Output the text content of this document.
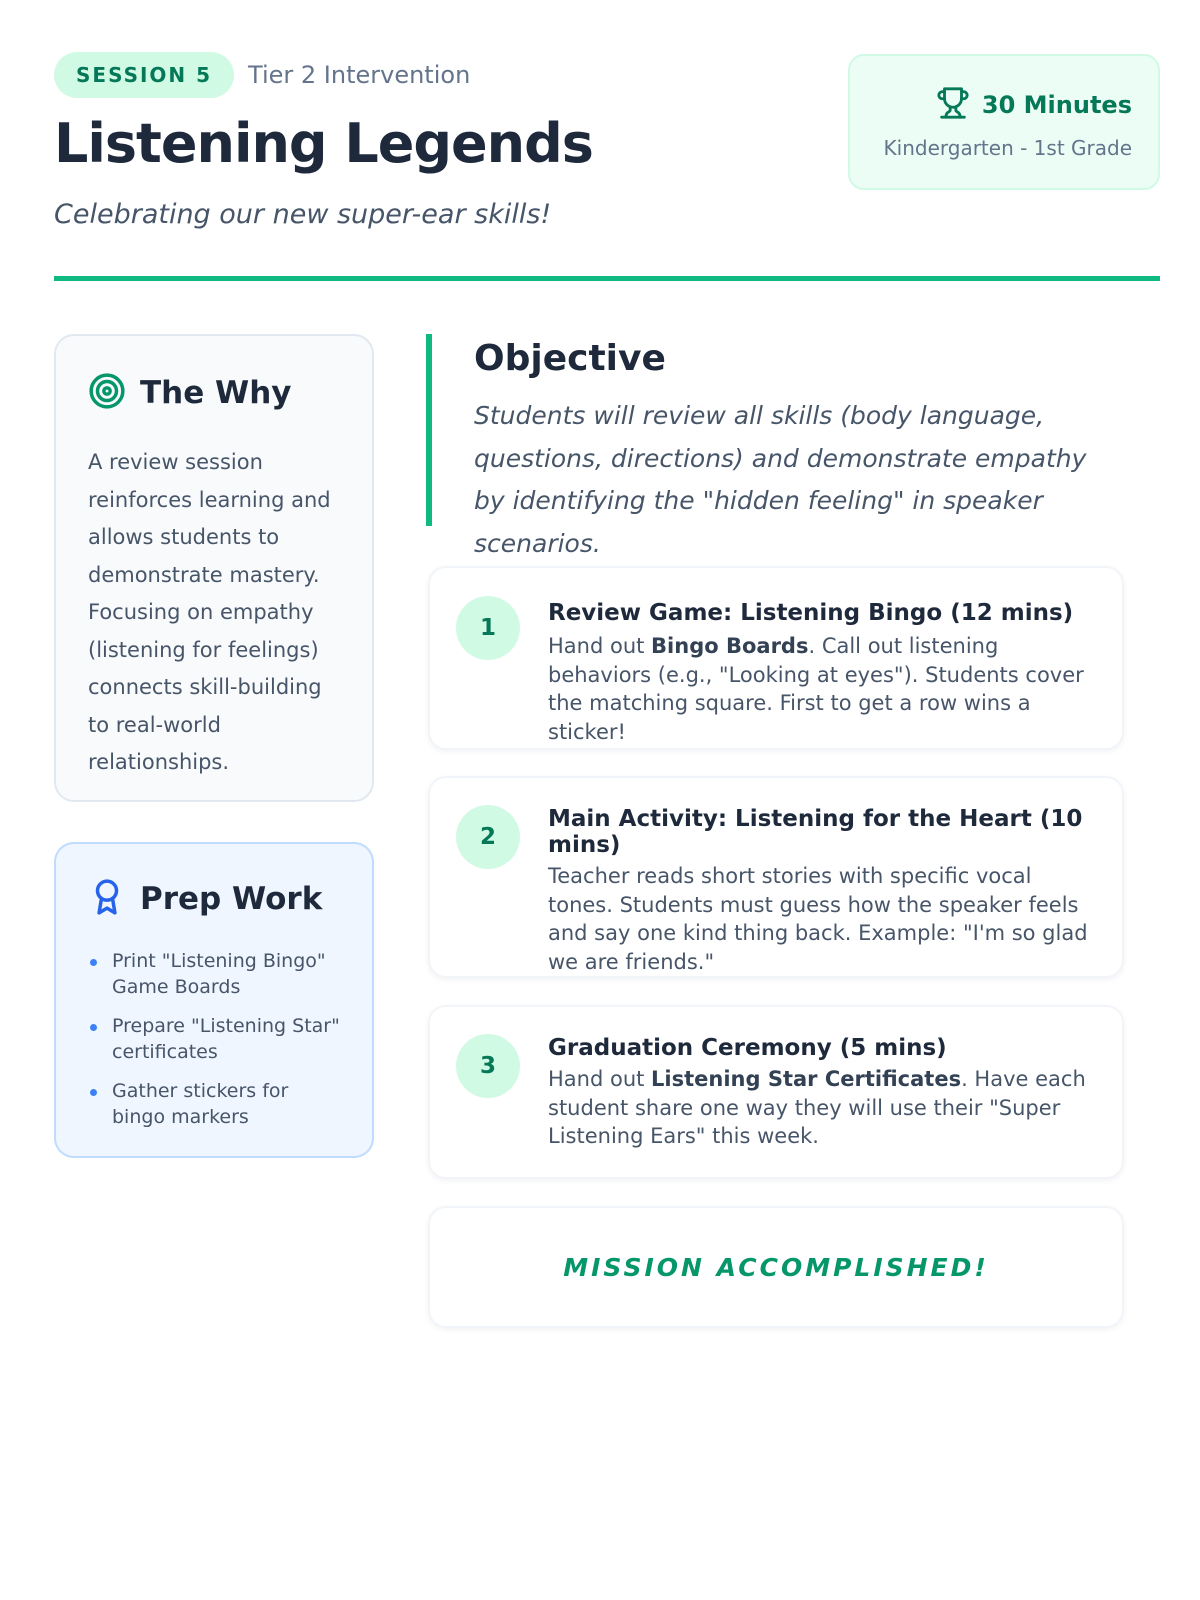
SESSION 5	Tier 2 Intervention
Listening Legends

Celebrating our new super-ear skills!

30 Minutes
Kindergarten - 1st Grade
The Why

A review session reinforces learning and allows students to demonstrate mastery. Focusing on empathy (listening for feelings) connects skill-building to real-world relationships.

Prep Work
Print "Listening Bingo" Game Boards
Prepare "Listening Star" certificates
Gather stickers for bingo markers
Objective

Students will review all skills (body language, questions, directions) and demonstrate empathy by identifying the "hidden feeling" in speaker scenarios.

1
Review Game: Listening Bingo (12 mins)
Hand out Bingo Boards. Call out listening behaviors (e.g., "Looking at eyes"). Students cover the matching square. First to get a row wins a sticker!
2
Main Activity: Listening for the Heart (10 mins)
Teacher reads short stories with specific vocal tones. Students must guess how the speaker feels and say one kind thing back. Example: "I'm so glad we are friends."
3
Graduation Ceremony (5 mins)
Hand out Listening Star Certificates. Have each student share one way they will use their "Super Listening Ears" this week.
MISSION ACCOMPLISHED!
